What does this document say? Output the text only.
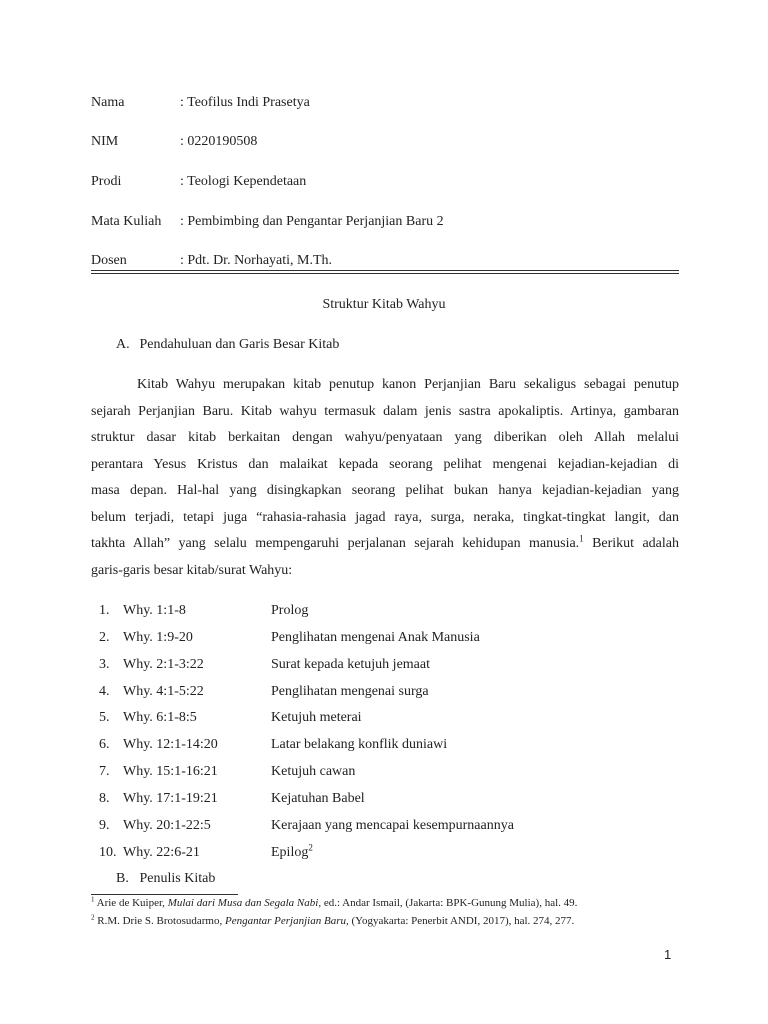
Nama	: Teofilus Indi Prasetya
NIM	: 0220190508
Prodi	: Teologi Kependetaan
Mata Kuliah : Pembimbing dan Pengantar Perjanjian Baru 2
Dosen	: Pdt. Dr. Norhayati, M.Th.
Struktur Kitab Wahyu
A. Pendahuluan dan Garis Besar Kitab
Kitab Wahyu merupakan kitab penutup kanon Perjanjian Baru sekaligus sebagai penutup
sejarah Perjanjian Baru. Kitab wahyu termasuk dalam jenis sastra apokaliptis. Artinya, gambaran
struktur dasar kitab berkaitan dengan wahyu/penyataan yang diberikan oleh Allah melalui
perantara Yesus Kristus dan malaikat kepada seorang pelihat mengenai kejadian-kejadian di
masa depan. Hal-hal yang disingkapkan seorang pelihat bukan hanya kejadian-kejadian yang
belum terjadi, tetapi juga “rahasia-rahasia jagad raya, surga, neraka, tingkat-tingkat langit, dan
takhta Allah” yang selalu mempengaruhi perjalanan sejarah kehidupan manusia.$^1$ Berikut adalah
garis-garis besar kitab/surat Wahyu:
1. Why. 1:1-8	Prolog
2. Why. 1:9-20	Penglihatan mengenai Anak Manusia
3. Why. 2:1-3:22	Surat kepada ketujuh jemaat
4. Why. 4:1-5:22	Penglihatan mengenai surga
5. Why. 6:1-8:5	Ketujuh meterai
6. Why. 12:1-14:20	Latar belakang konflik duniawi
7. Why. 15:1-16:21	Ketujuh cawan
8. Why. 17:1-19:21	Kejatuhan Babel
9. Why. 20:1-22:5	Kerajaan yang mencapai kesempurnaannya
10. Why. 22:6-21	Epilog$^2$
B. Penulis Kitab
$^1$ Arie de Kuiper, Mulai dari Musa dan Segala Nabi, ed.: Andar Ismail, (Jakarta: BPK-Gunung Mulia), hal. 49.
$^2$ R.M. Drie S. Brotosudarmo, Pengantar Perjanjian Baru, (Yogyakarta: Penerbit ANDI, 2017), hal. 274, 277.
1
